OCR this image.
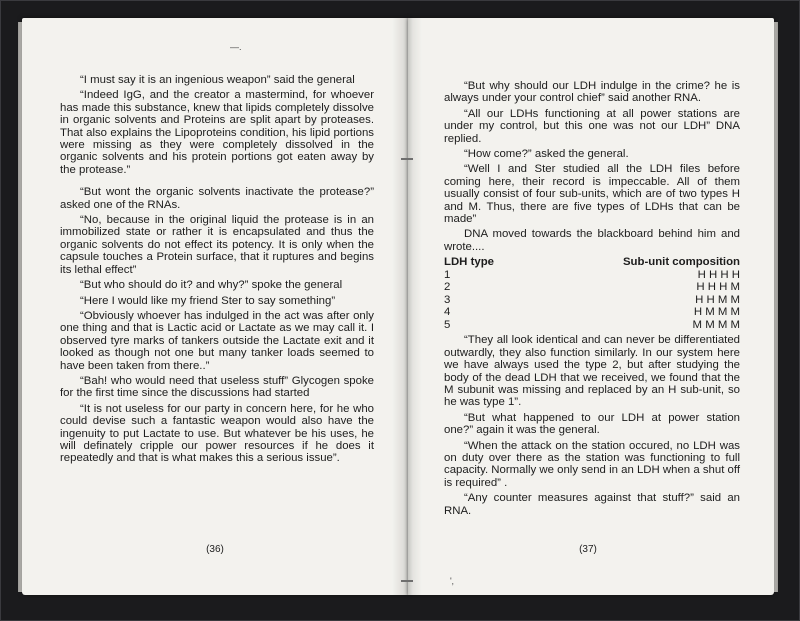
—.

“I must say it is an ingenious weapon” said the general

“Indeed IgG, and the creator a mastermind, for whoever has made this substance, knew that lipids completely dissolve in organic solvents and Proteins are split apart by proteases. That also explains the Lipoproteins condition, his lipid portions were missing as they were completely dissolved in the organic solvents and his protein portions got eaten away by the protease.”

“But wont the organic solvents inactivate the protease?” asked one of the RNAs.

“No, because in the original liquid the protease is in an immobilized state or rather it is encapsulated and thus the organic solvents do not effect its potency. It is only when the capsule touches a Protein surface, that it ruptures and begins its lethal effect”

“But who should do it? and why?” spoke the general

“Here I would like my friend Ster to say something”

“Obviously whoever has indulged in the act was after only one thing and that is Lactic acid or Lactate as we may call it. I observed tyre marks of tankers outside the Lactate exit and it looked as though not one but many tanker loads seemed to have been taken from there..”

“Bah! who would need that useless stuff” Glycogen spoke for the first time since the discussions had started

“It is not useless for our party in concern here, for he who could devise such a fantastic weapon would also have the ingenuity to put Lactate to use. But whatever be his uses, he will definately cripple our power resources if he does it repeatedly and that is what makes this a serious issue”.

(36)

“But why should our LDH indulge in the crime? he is always under your control chief” said another RNA.

“All our LDHs functioning at all power stations are under my control, but this one was not our LDH” DNA replied.

“How come?” asked the general.

“Well I and Ster studied all the LDH files before coming here, their record is impeccable. All of them usually consist of four sub-units, which are of two types H and M. Thus, there are five types of LDHs that can be made”

DNA moved towards the blackboard behind him and wrote....

LDH type	Sub-unit composition
1	H H H H
2	H H H M
3	H H M M
4	H M M M
5	M M M M

“They all look identical and can never be differentiated outwardly, they also function similarly. In our system here we have always used the type 2, but after studying the body of the dead LDH that we received, we found that the M subunit was missing and replaced by an H sub-unit, so he was type 1”.

“But what happened to our LDH at power station one?” again it was the general.

“When the attack on the station occured, no LDH was on duty over there as the station was functioning to full capacity. Normally we only send in an LDH when a shut off is required” .

“Any counter measures against that stuff?” said an RNA.

'‚
(37)
